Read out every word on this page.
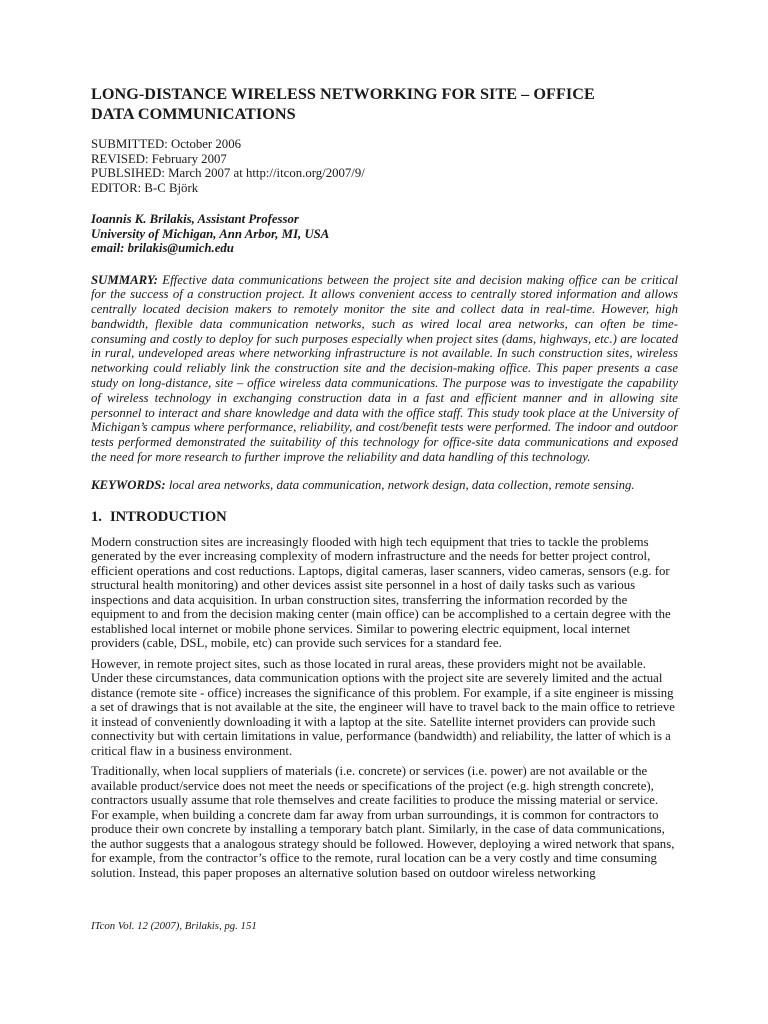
LONG-DISTANCE WIRELESS NETWORKING FOR SITE – OFFICE
DATA COMMUNICATIONS

SUBMITTED: October 2006

REVISED: February 2007

PUBLSIHED: March 2007 at http://itcon.org/2007/9/

EDITOR: B-C Björk

Ioannis K. Brilakis, Assistant Professor

University of Michigan, Ann Arbor, MI, USA

email: brilakis@umich.edu

SUMMARY: Effective data communications between the project site and decision making office can be critical for the success of a construction project. It allows convenient access to centrally stored information and allows centrally located decision makers to remotely monitor the site and collect data in real-time. However, high bandwidth, flexible data communication networks, such as wired local area networks, can often be time-consuming and costly to deploy for such purposes especially when project sites (dams, highways, etc.) are located in rural, undeveloped areas where networking infrastructure is not available. In such construction sites, wireless networking could reliably link the construction site and the decision-making office. This paper presents a case study on long-distance, site – office wireless data communications. The purpose was to investigate the capability of wireless technology in exchanging construction data in a fast and efficient manner and in allowing site personnel to interact and share knowledge and data with the office staff. This study took place at the University of Michigan’s campus where performance, reliability, and cost/benefit tests were performed. The indoor and outdoor tests performed demonstrated the suitability of this technology for office-site data communications and exposed the need for more research to further improve the reliability and data handling of this technology.

KEYWORDS: local area networks, data communication, network design, data collection, remote sensing.

1. INTRODUCTION

Modern construction sites are increasingly flooded with high tech equipment that tries to tackle the problems generated by the ever increasing complexity of modern infrastructure and the needs for better project control, efficient operations and cost reductions. Laptops, digital cameras, laser scanners, video cameras, sensors (e.g. for structural health monitoring) and other devices assist site personnel in a host of daily tasks such as various inspections and data acquisition. In urban construction sites, transferring the information recorded by the equipment to and from the decision making center (main office) can be accomplished to a certain degree with the established local internet or mobile phone services. Similar to powering electric equipment, local internet providers (cable, DSL, mobile, etc) can provide such services for a standard fee.

However, in remote project sites, such as those located in rural areas, these providers might not be available. Under these circumstances, data communication options with the project site are severely limited and the actual distance (remote site - office) increases the significance of this problem. For example, if a site engineer is missing a set of drawings that is not available at the site, the engineer will have to travel back to the main office to retrieve it instead of conveniently downloading it with a laptop at the site. Satellite internet providers can provide such connectivity but with certain limitations in value, performance (bandwidth) and reliability, the latter of which is a critical flaw in a business environment.

Traditionally, when local suppliers of materials (i.e. concrete) or services (i.e. power) are not available or the available product/service does not meet the needs or specifications of the project (e.g. high strength concrete), contractors usually assume that role themselves and create facilities to produce the missing material or service. For example, when building a concrete dam far away from urban surroundings, it is common for contractors to produce their own concrete by installing a temporary batch plant. Similarly, in the case of data communications, the author suggests that a analogous strategy should be followed. However, deploying a wired network that spans, for example, from the contractor’s office to the remote, rural location can be a very costly and time consuming solution. Instead, this paper proposes an alternative solution based on outdoor wireless networking

ITcon Vol. 12 (2007), Brilakis, pg. 151
